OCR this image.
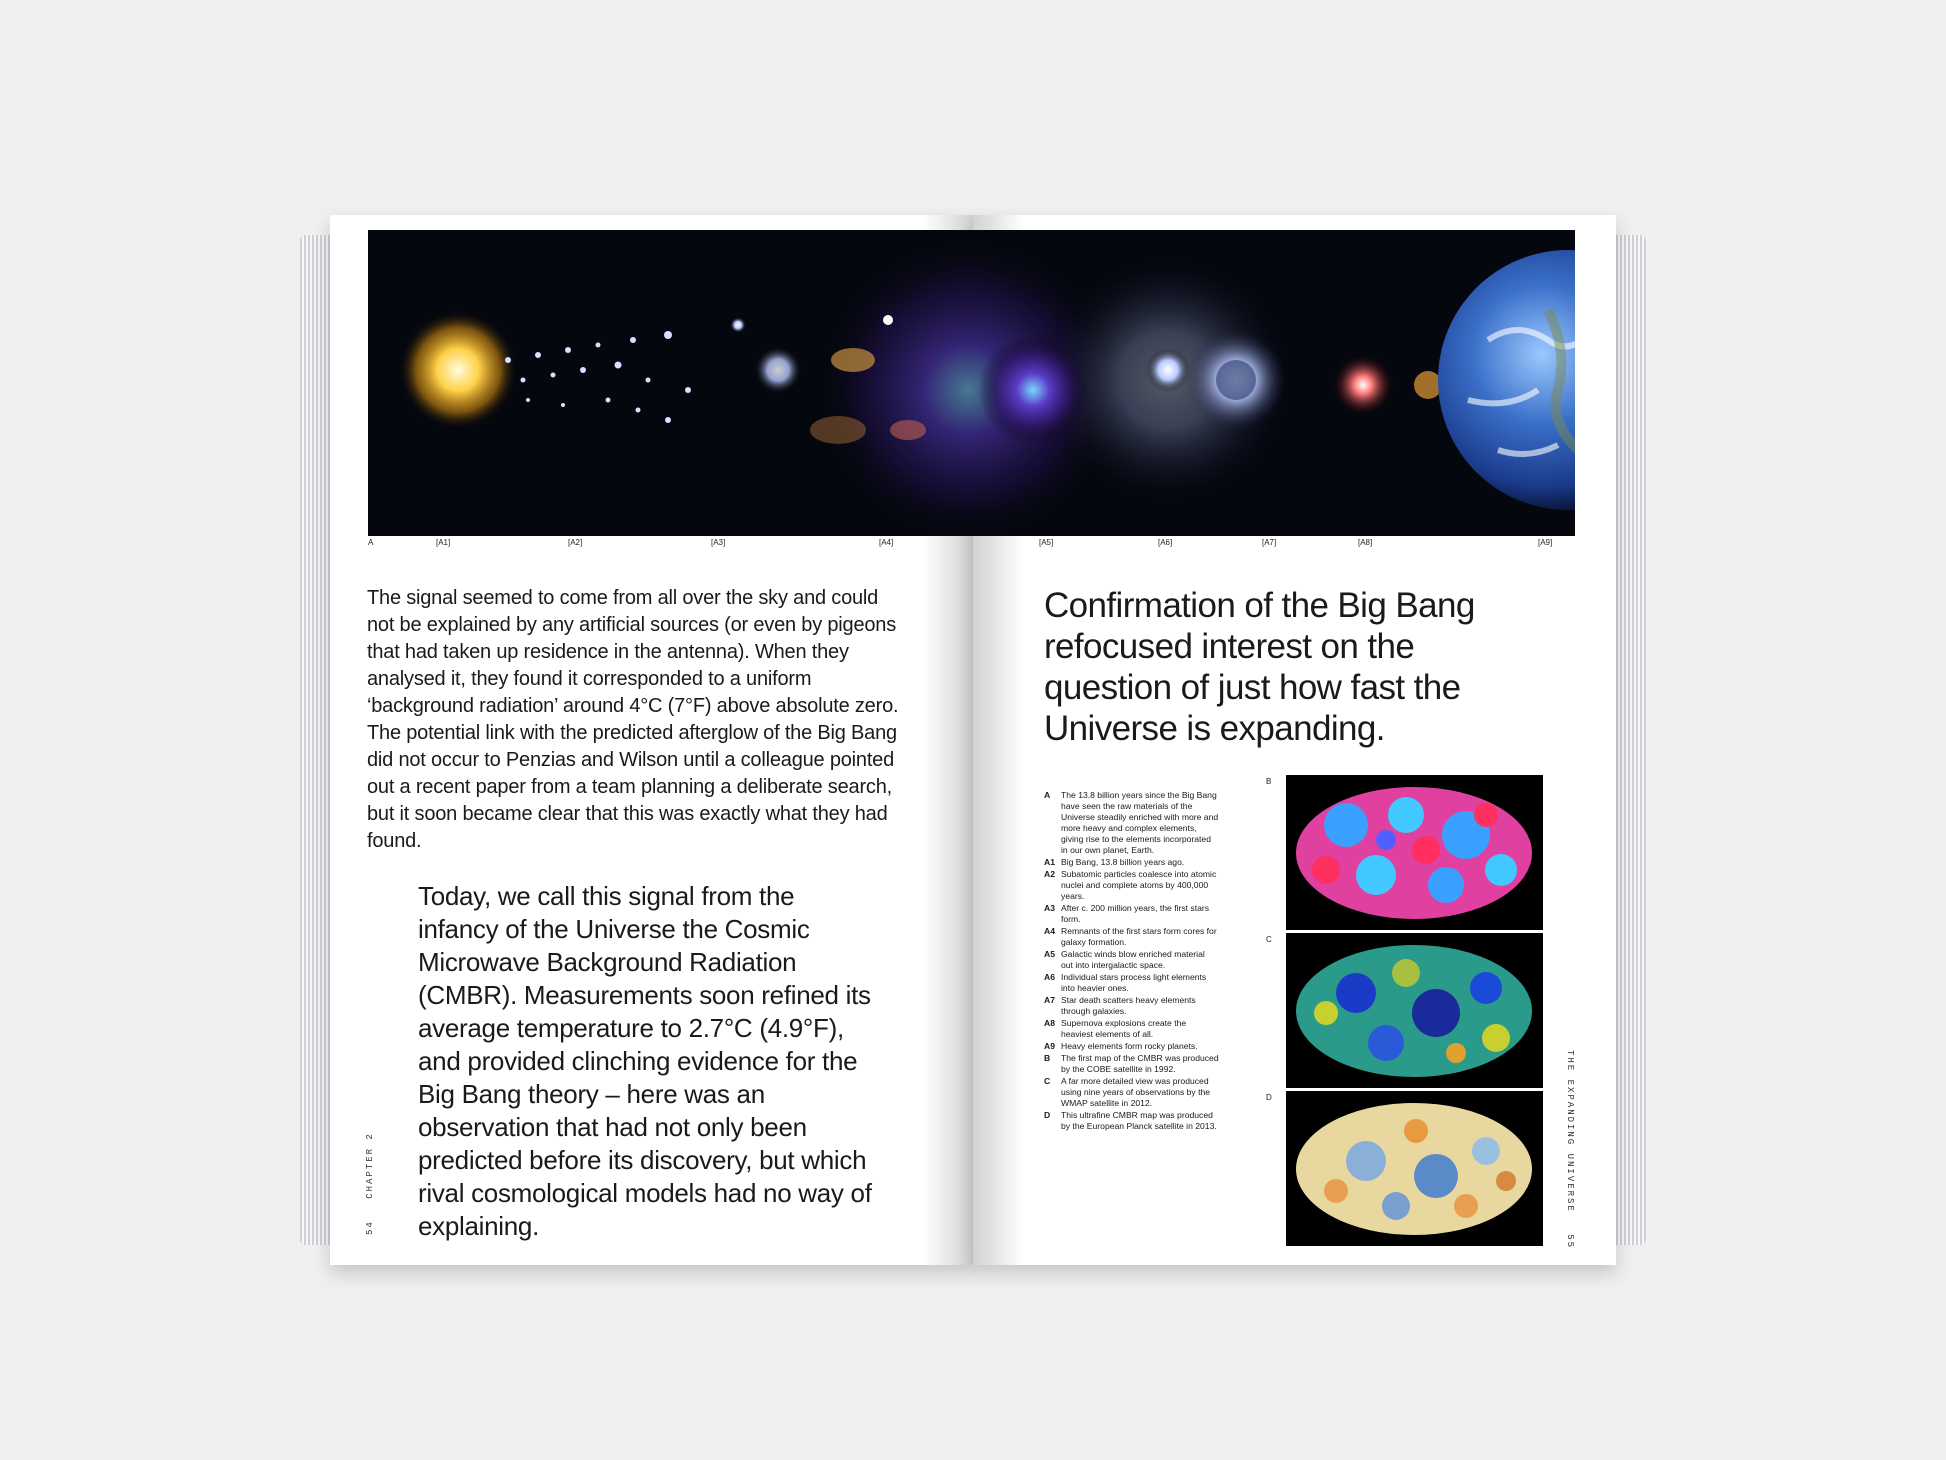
A	[A1]	[A2]	[A3]	[A4]	[A5]	[A6]	[A7]	[A8]	[A9]
The signal seemed to come from all over the sky and could not be explained by any artificial sources (or even by pigeons that had taken up residence in the antenna). When they analysed it, they found it corresponded to a uniform ‘background radiation’ around 4°C (7°F) above absolute zero. The potential link with the predicted afterglow of the Big Bang did not occur to Penzias and Wilson until a colleague pointed out a recent paper from a team planning a deliberate search, but it soon became clear that this was exactly what they had found.
Today, we call this signal from the infancy of the Universe the Cosmic Microwave Background Radiation (CMBR). Measurements soon refined its average temperature to 2.7°C (4.9°F), and provided clinching evidence for the Big Bang theory – here was an observation that had not only been predicted before its discovery, but which rival cosmological models had no way of explaining.
54 CHAPTER 2
Confirmation of the Big Bang refocused interest on the question of just how fast the Universe is expanding.
A	The 13.8 billion years since the Big Bang have seen the raw materials of the Universe steadily enriched with more and more heavy and complex elements, giving rise to the elements incorporated in our own planet, Earth.
A1 Big Bang, 13.8 billion years ago.
A2 Subatomic particles coalesce into atomic nuclei and complete atoms by 400,000 years.
A3 After c. 200 million years, the first stars form.
A4 Remnants of the first stars form cores for galaxy formation.
A5 Galactic winds blow enriched material out into intergalactic space.
A6 Individual stars process light elements into heavier ones.
A7 Star death scatters heavy elements through galaxies.
A8 Supernova explosions create the heaviest elements of all.
A9 Heavy elements form rocky planets.
B	The first map of the CMBR was produced by the COBE satellite in 1992.
C	A far more detailed view was produced using nine years of observations by the WMAP satellite in 2012.
D	This ultrafine CMBR map was produced by the European Planck satellite in 2013.
B
C
D	THE EXPANDING UNIVERSE 55
